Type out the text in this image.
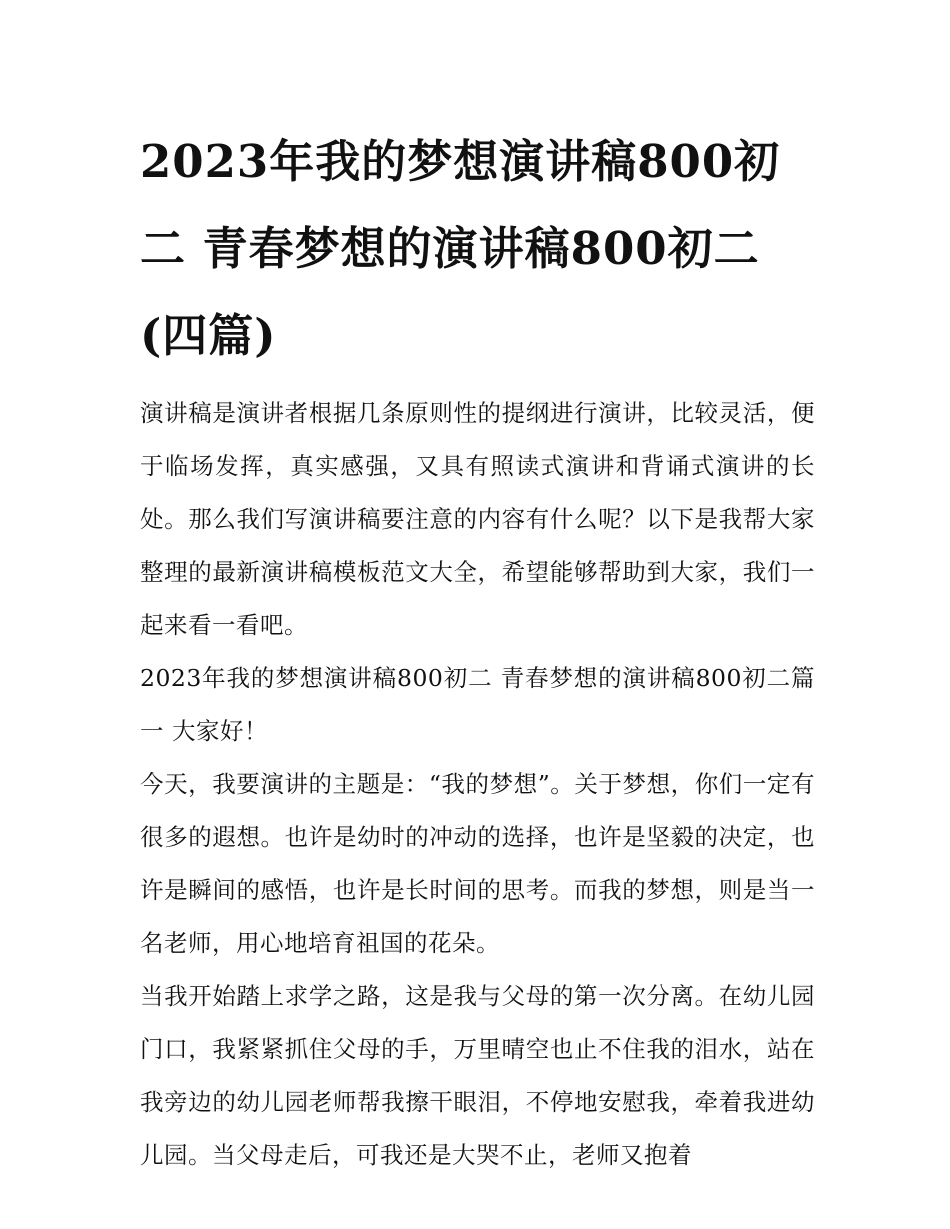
2023年我的梦想演讲稿800初二 青春梦想的演讲稿800初二(四篇)

演讲稿是演讲者根据几条原则性的提纲进行演讲，比较灵活，便于临场发挥，真实感强，又具有照读式演讲和背诵式演讲的长处。那么我们写演讲稿要注意的内容有什么呢？以下是我帮大家整理的最新演讲稿模板范文大全，希望能够帮助到大家，我们一起来看一看吧。

2023年我的梦想演讲稿800初二 青春梦想的演讲稿800初二篇一 大家好！

今天，我要演讲的主题是：“我的梦想”。关于梦想，你们一定有很多的遐想。也许是幼时的冲动的选择，也许是坚毅的决定，也许是瞬间的感悟，也许是长时间的思考。而我的梦想，则是当一名老师，用心地培育祖国的花朵。

当我开始踏上求学之路，这是我与父母的第一次分离。在幼儿园门口，我紧紧抓住父母的手，万里晴空也止不住我的泪水，站在我旁边的幼儿园老师帮我擦干眼泪，不停地安慰我，牵着我进幼儿园。当父母走后，可我还是大哭不止，老师又抱着
